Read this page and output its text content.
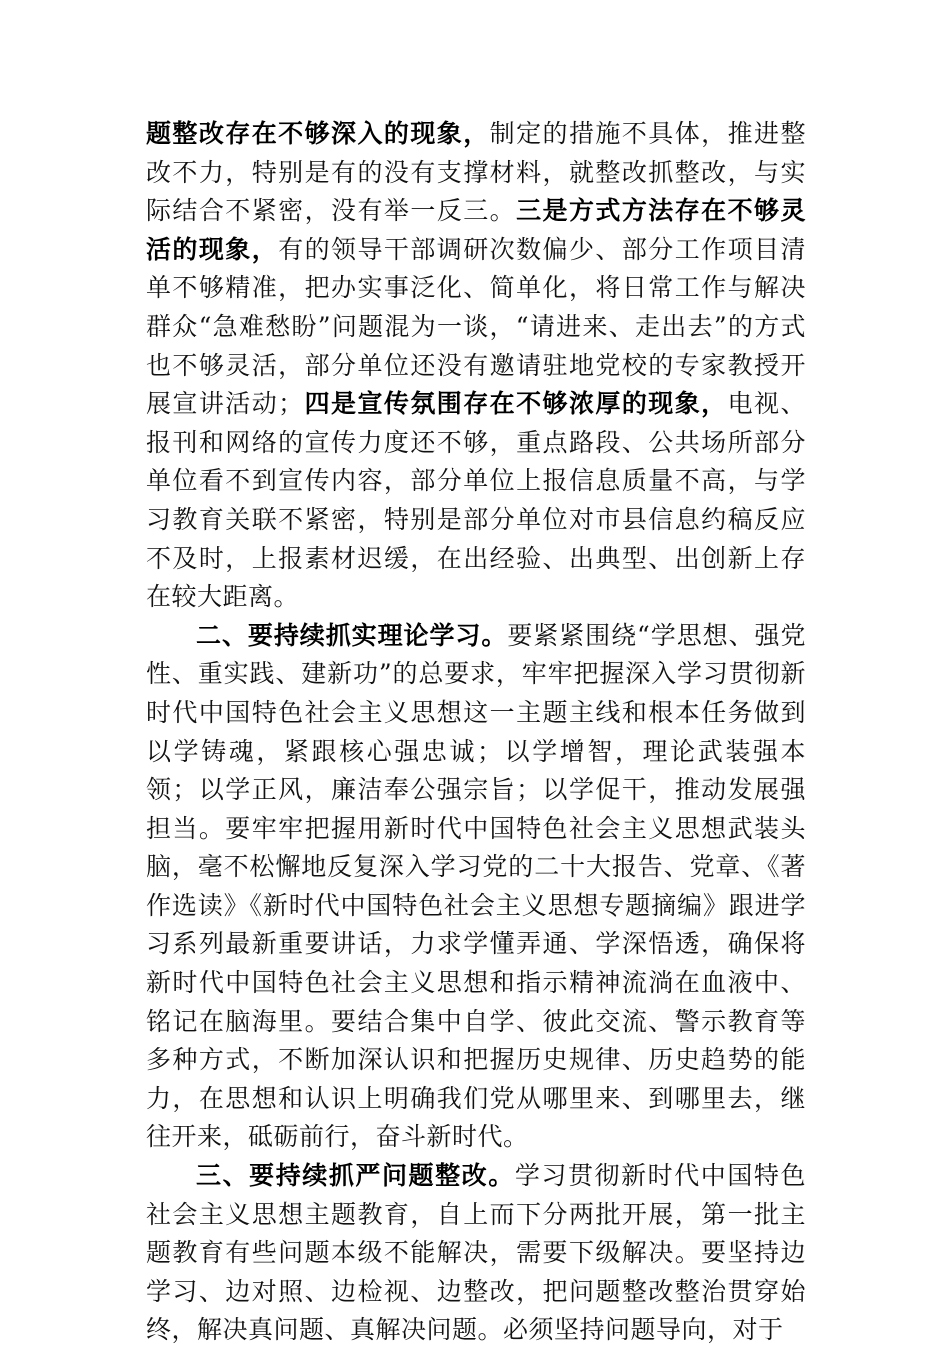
题整改存在不够深入的现象，制定的措施不具体，推进整改不力，特别是有的没有支撑材料，就整改抓整改，与实际结合不紧密，没有举一反三。三是方式方法存在不够灵活的现象，有的领导干部调研次数偏少、部分工作项目清单不够精准，把办实事泛化、简单化，将日常工作与解决群众“急难愁盼”问题混为一谈，“请进来、走出去”的方式也不够灵活，部分单位还没有邀请驻地党校的专家教授开展宣讲活动；四是宣传氛围存在不够浓厚的现象，电视、报刊和网络的宣传力度还不够，重点路段、公共场所部分单位看不到宣传内容，部分单位上报信息质量不高，与学习教育关联不紧密，特别是部分单位对市县信息约稿反应不及时，上报素材迟缓，在出经验、出典型、出创新上存在较大距离。

二、要持续抓实理论学习。要紧紧围绕“学思想、强党性、重实践、建新功”的总要求，牢牢把握深入学习贯彻新时代中国特色社会主义思想这一主题主线和根本任务做到以学铸魂，紧跟核心强忠诚；以学增智，理论武装强本领；以学正风，廉洁奉公强宗旨；以学促干，推动发展强担当。要牢牢把握用新时代中国特色社会主义思想武装头脑，毫不松懈地反复深入学习党的二十大报告、党章、《著作选读》《新时代中国特色社会主义思想专题摘编》跟进学习系列最新重要讲话，力求学懂弄通、学深悟透，确保将新时代中国特色社会主义思想和指示精神流淌在血液中、铭记在脑海里。要结合集中自学、彼此交流、警示教育等多种方式，不断加深认识和把握历史规律、历史趋势的能力，在思想和认识上明确我们党从哪里来、到哪里去，继往开来，砥砺前行，奋斗新时代。

三、要持续抓严问题整改。学习贯彻新时代中国特色社会主义思想主题教育，自上而下分两批开展，第一批主题教育有些问题本级不能解决，需要下级解决。要坚持边学习、边对照、边检视、边整改，把问题整改整治贯穿始终，解决真问题、真解决问题。必须坚持问题导向，对于
